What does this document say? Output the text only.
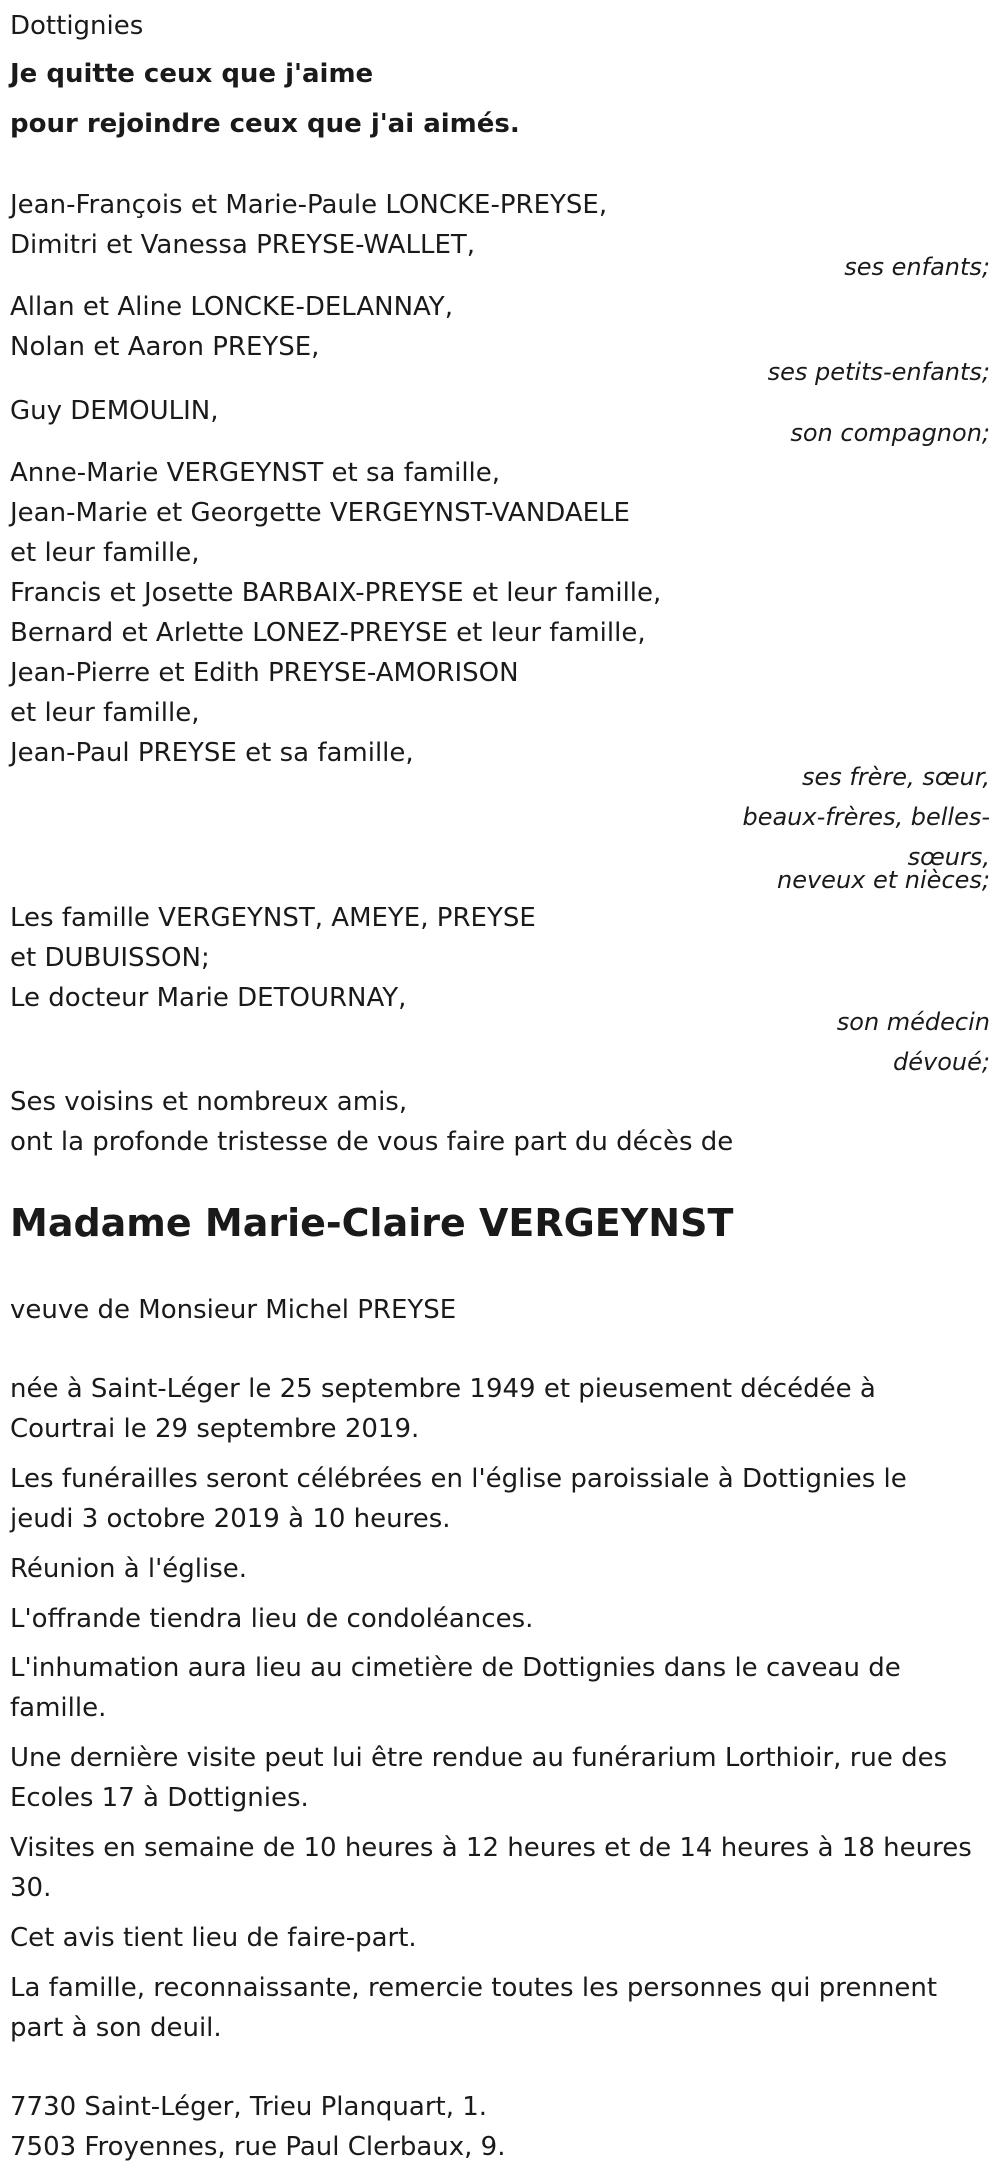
Dottignies

Je quitte ceux que j'aime

pour rejoindre ceux que j'ai aimés.

Jean-François et Marie-Paule LONCKE-PREYSE,

Dimitri et Vanessa PREYSE-WALLET,

ses enfants;

Allan et Aline LONCKE-DELANNAY,

Nolan et Aaron PREYSE,

ses petits-enfants;

Guy DEMOULIN,

son compagnon;

Anne-Marie VERGEYNST et sa famille,

Jean-Marie et Georgette VERGEYNST-VANDAELE

et leur famille,

Francis et Josette BARBAIX-PREYSE et leur famille,

Bernard et Arlette LONEZ-PREYSE et leur famille,

Jean-Pierre et Edith PREYSE-AMORISON

et leur famille,

Jean-Paul PREYSE et sa famille,

ses frère, sœur,

beaux-frères, belles-

sœurs,

neveux et nièces;

Les famille VERGEYNST, AMEYE, PREYSE

et DUBUISSON;

Le docteur Marie DETOURNAY,

son médecin

dévoué;

Ses voisins et nombreux amis,

ont la profonde tristesse de vous faire part du décès de

Madame Marie-Claire VERGEYNST

veuve de Monsieur Michel PREYSE

née à Saint-Léger le 25 septembre 1949 et pieusement décédée à

Courtrai le 29 septembre 2019.

Les funérailles seront célébrées en l'église paroissiale à Dottignies le

jeudi 3 octobre 2019 à 10 heures.

Réunion à l'église.

L'offrande tiendra lieu de condoléances.

L'inhumation aura lieu au cimetière de Dottignies dans le caveau de

famille.

Une dernière visite peut lui être rendue au funérarium Lorthioir, rue des

Ecoles 17 à Dottignies.

Visites en semaine de 10 heures à 12 heures et de 14 heures à 18 heures

30.

Cet avis tient lieu de faire-part.

La famille, reconnaissante, remercie toutes les personnes qui prennent

part à son deuil.

7730 Saint-Léger, Trieu Planquart, 1.

7503 Froyennes, rue Paul Clerbaux, 9.
